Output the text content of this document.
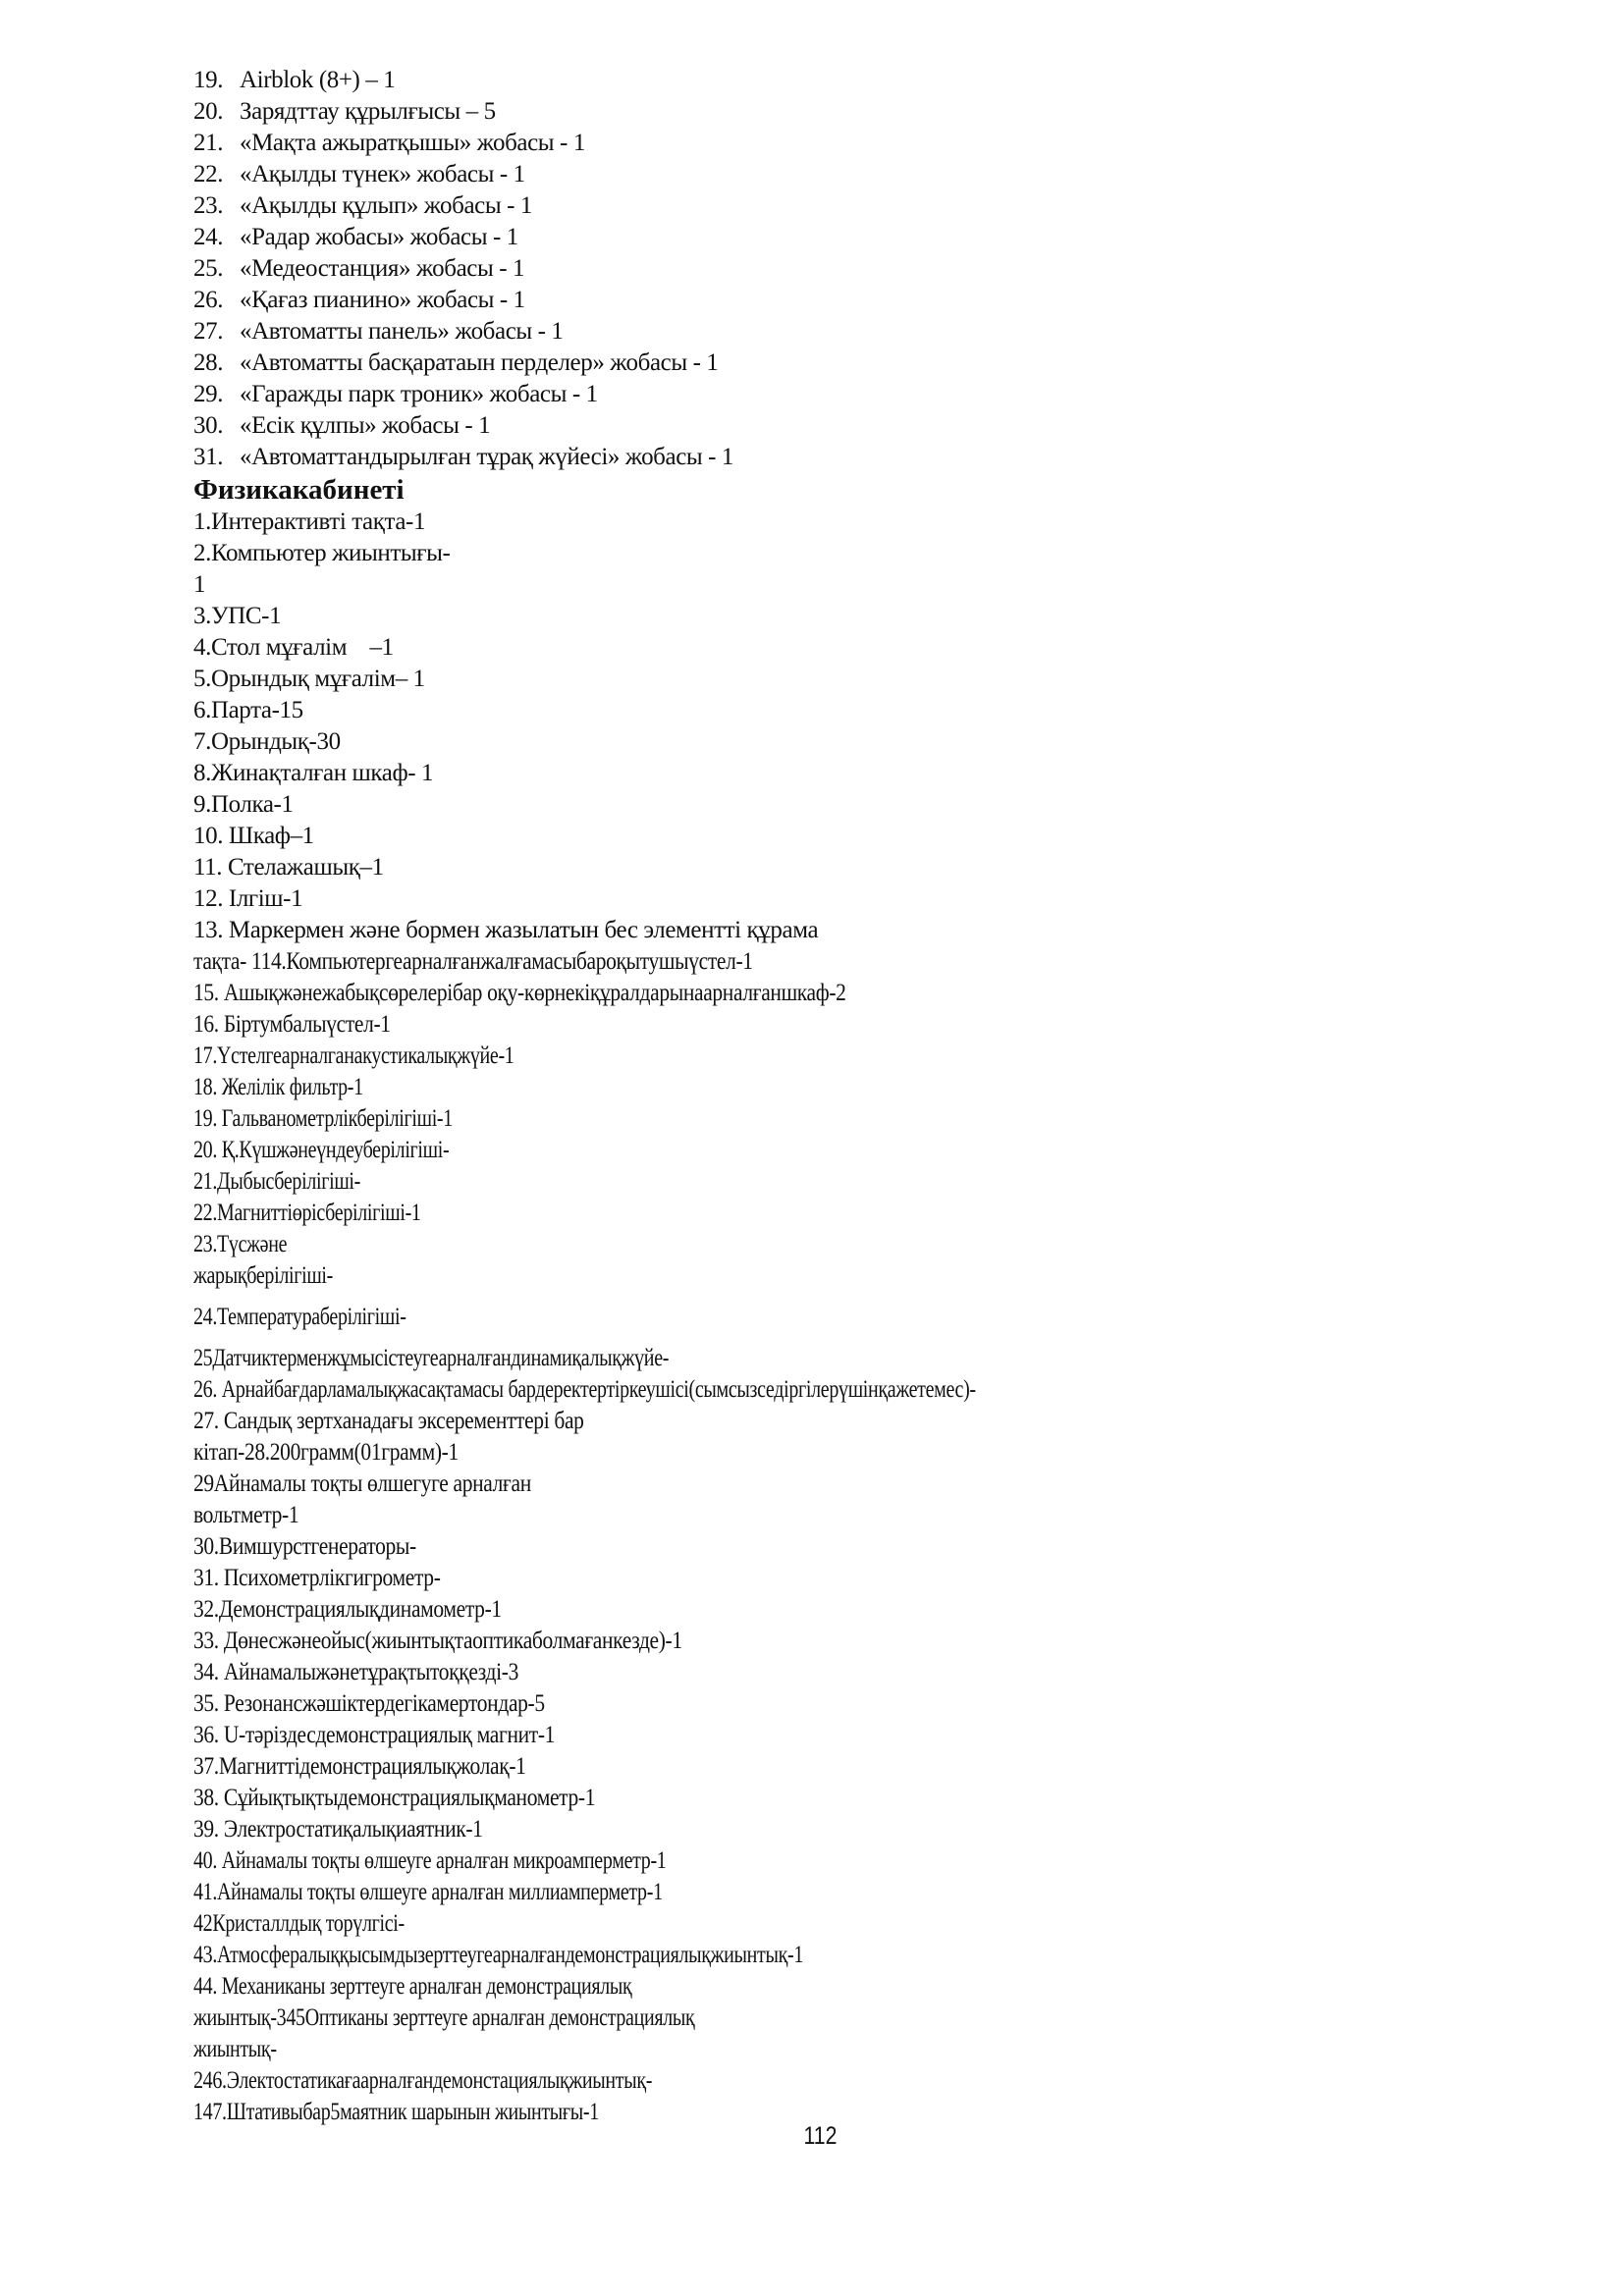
19. Airblok (8+) – 1
20. Зарядттау құрылғысы – 5
21. «Мақта ажыратқышы» жобасы - 1
22. «Ақылды түнек» жобасы - 1
23. «Ақылды құлып» жобасы - 1
24. «Радар жобасы» жобасы - 1
25. «Медеостанция» жобасы - 1
26. «Қағаз пианино» жобасы - 1
27. «Автоматты панель» жобасы - 1
28. «Автоматты басқаратаын перделер» жобасы - 1
29. «Гаражды парк троник» жобасы - 1
30. «Есік құлпы» жобасы - 1
31. «Автоматтандырылған тұрақ жүйесі» жобасы - 1
Физикакабинеті
1.Интерактивті тақта-1
2.Компьютер жиынтығы-
1
3.УПС-1
4.Стол мұғалім    –1
5.Орындық мұғалім– 1
6.Парта-15
7.Орындық-30
8.Жинақталған шкаф- 1
9.Полка-1
10. Шкаф–1
11. Стелажашық–1
12. Ілгіш-1
13. Маркермен және бормен жазылатын бес элементті құрама
тақта- 114.Компьютергеарналғанжалғамасыбароқытушыүстел-1
15. Ашықжәнежабықсөрелерібар оқу-көрнекіқұралдарынаарналғаншкаф-2
16. Біртумбалыүстел-1
17.Үстелгеарналганакустикалықжүйе-1
18. Желілік фильтр-1
19. Гальванометрлікберілігіші-1
20. Қ.Күшжәнеүндеуберілігіші-
21.Дыбысберілігіші-
22.Магниттіөрісберілігіші-1
23.Түсжәне
жарықберілігіші-
24.Температураберілігіші-
25Датчиктерменжұмысістеугеарналғандинамиқалықжүйе-
26. Арнайбағдарламалықжасақтамасы бардеректертіркеушісі(сымсызседіргілерүшінқажетемес)-
27. Сандық зертханадағы эксеременттері бар
кітап-28.200грамм(01грамм)-1
29Айнамалы тоқты өлшегуге арналған
вольтметр-1
30.Вимшурстгенераторы-
31. Психометрлікгигрометр-
32.Демонстрациялықдинамометр-1
33. Дөнесжәнеойыс(жиынтықтаоптикаболмағанкезде)-1
34. Айнамалыжәнетұрақтытоққезді-3
35. Резонансжәшіктердегікамертондар-5
36. U-тәріздесдемонстрациялық магнит-1
37.Магниттідемонстрациялықжолақ-1
38. Сұйықтықтыдемонстрациялықманометр-1
39. Электростатиқалықиаятник-1
40. Айнамалы тоқты өлшеуге арналған микроамперметр-1
41.Айнамалы тоқты өлшеуге арналған миллиамперметр-1
42Кристаллдық торүлгісі-
43.Атмосфералыққысымдызерттеугеарналғандемонстрациялықжиынтық-1
44. Механиканы зерттеуге арналған демонстрациялық
жиынтық-345Оптиканы зерттеуге арналған демонстрациялық
жиынтық-
246.Электостатикағаарналғандемонстациялықжиынтық-
147.Штативыбар5маятник шарынын жиынтығы-1
112
